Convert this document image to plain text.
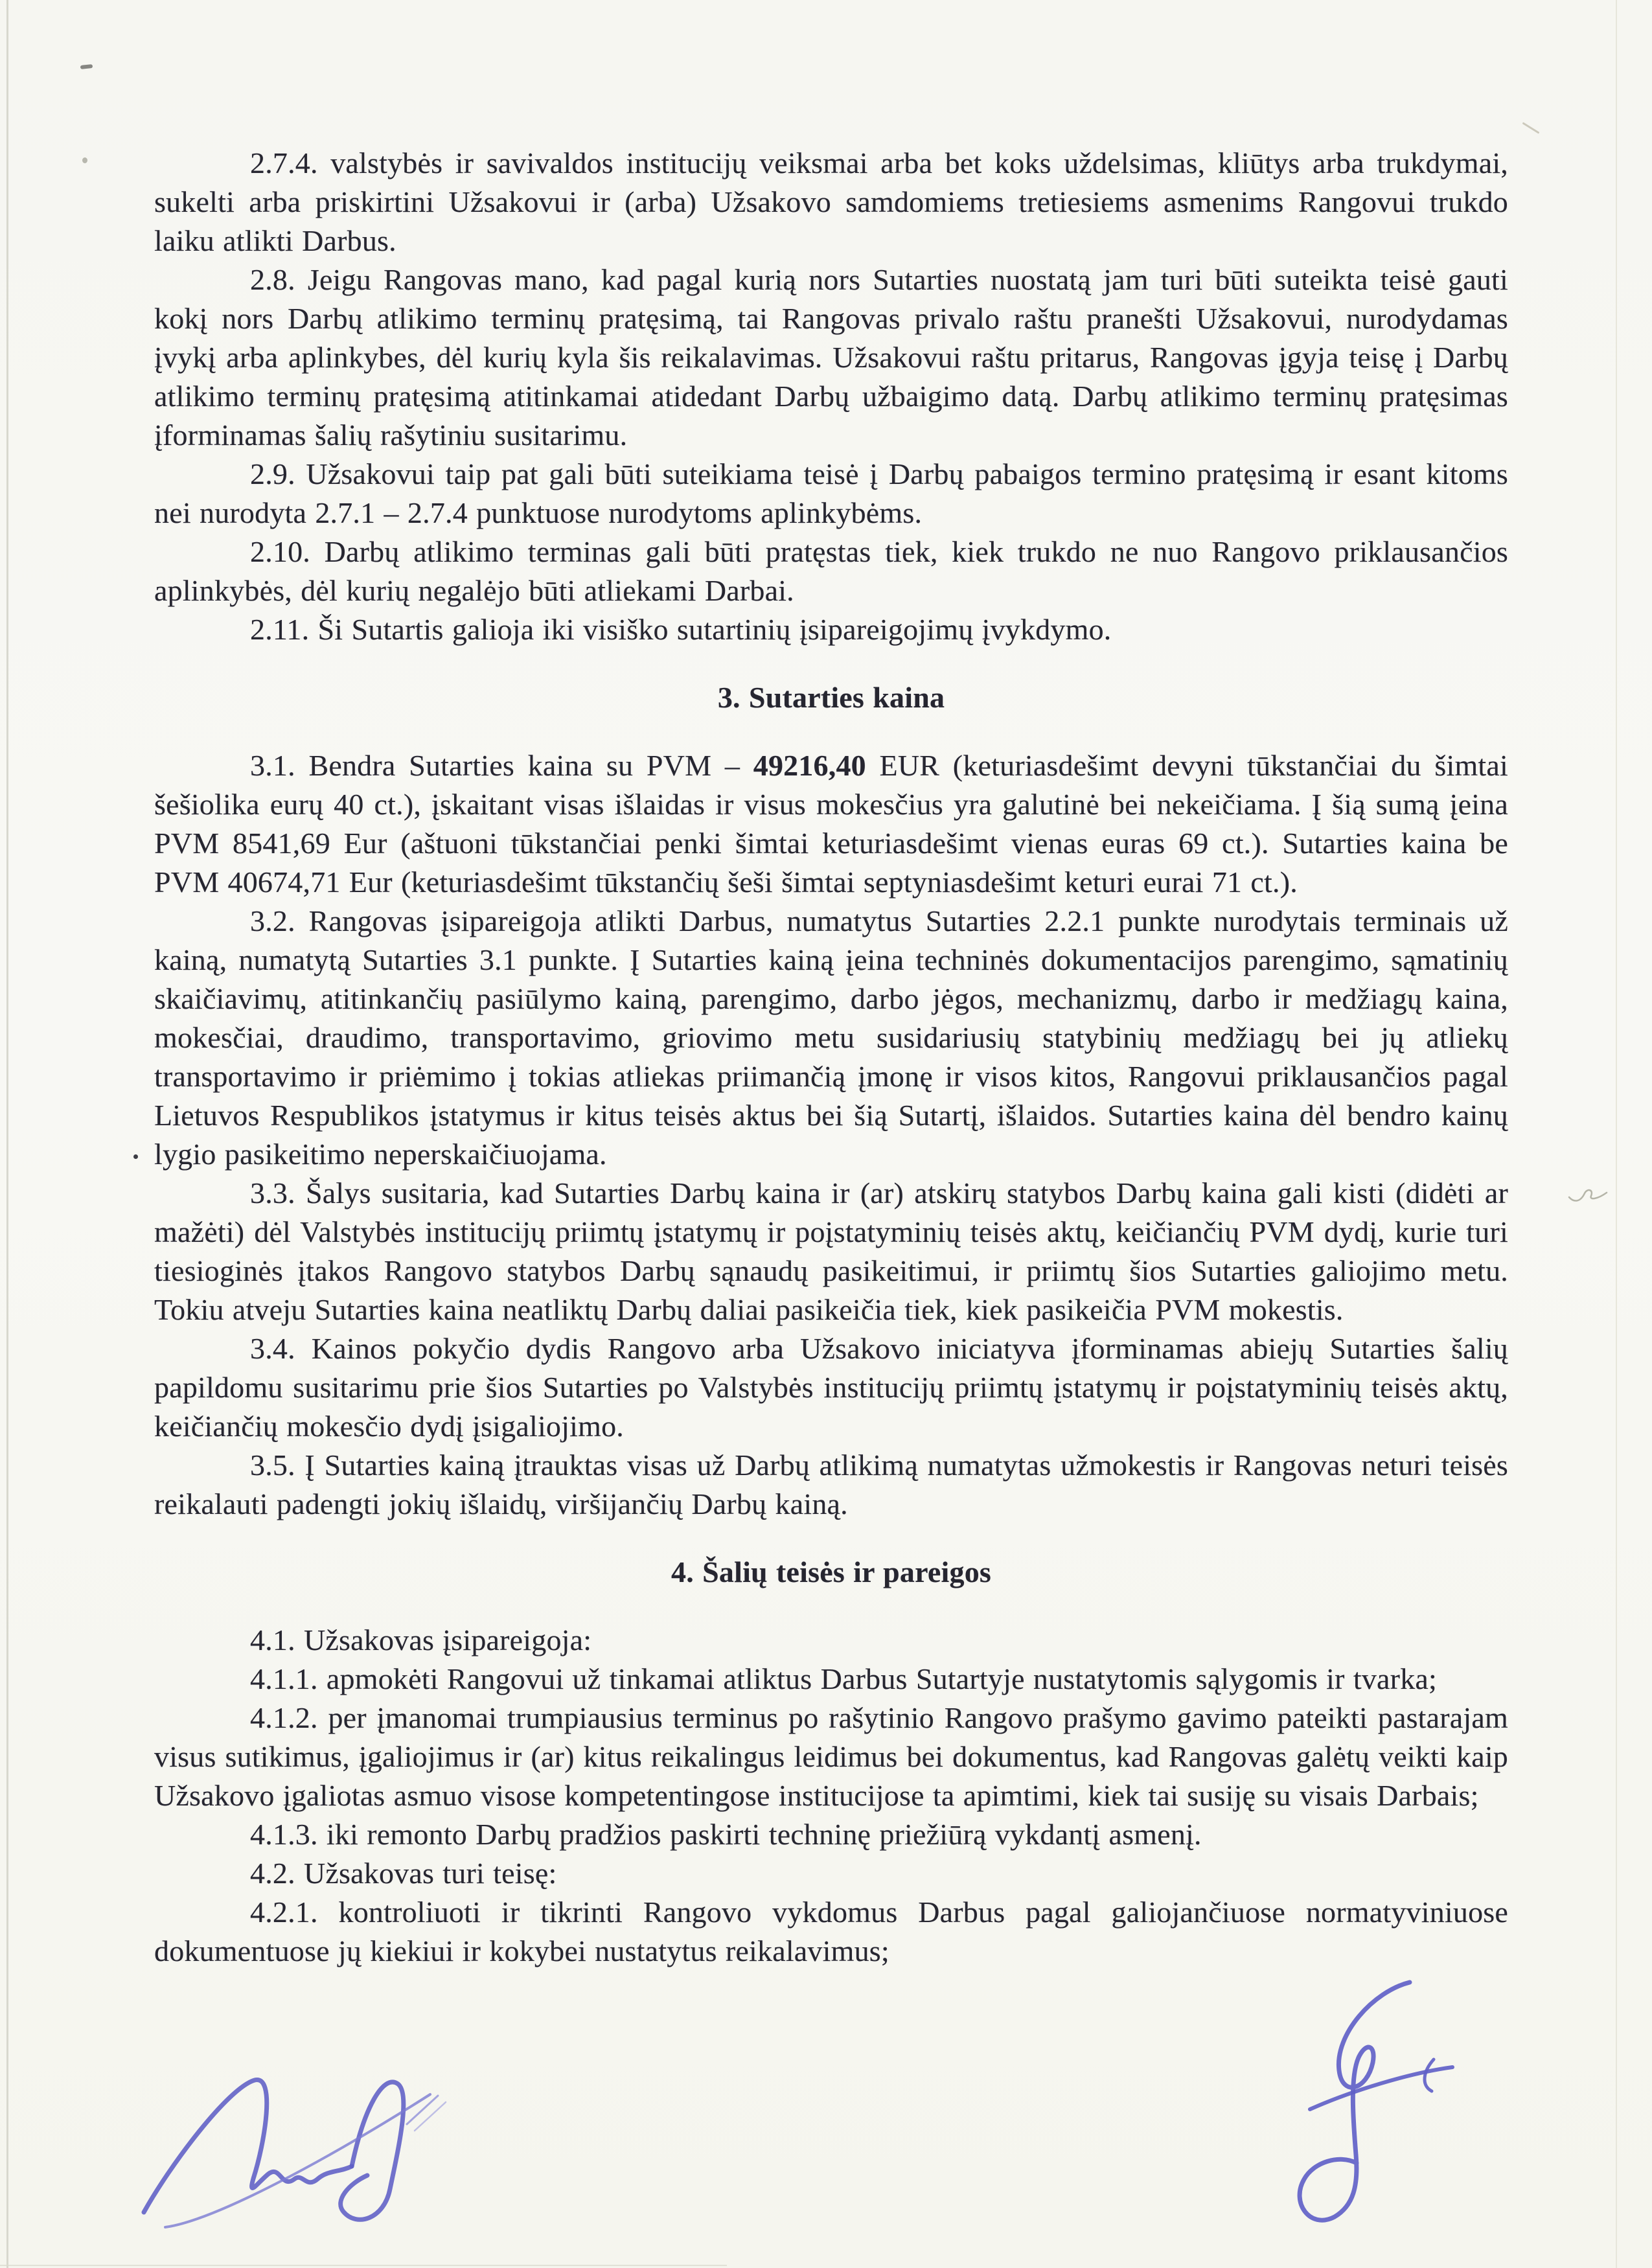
2.7.4. valstybės ir savivaldos institucijų veiksmai arba bet koks uždelsimas, kliūtys arba trukdymai, sukelti arba priskirtini Užsakovui ir (arba) Užsakovo samdomiems tretiesiems asmenims Rangovui trukdo laiku atlikti Darbus.

2.8. Jeigu Rangovas mano, kad pagal kurią nors Sutarties nuostatą jam turi būti suteikta teisė gauti kokį nors Darbų atlikimo terminų pratęsimą, tai Rangovas privalo raštu pranešti Užsakovui, nurodydamas įvykį arba aplinkybes, dėl kurių kyla šis reikalavimas. Užsakovui raštu pritarus, Rangovas įgyja teisę į Darbų atlikimo terminų pratęsimą atitinkamai atidedant Darbų užbaigimo datą. Darbų atlikimo terminų pratęsimas įforminamas šalių rašytiniu susitarimu.

2.9. Užsakovui taip pat gali būti suteikiama teisė į Darbų pabaigos termino pratęsimą ir esant kitoms nei nurodyta 2.7.1 – 2.7.4 punktuose nurodytoms aplinkybėms.

2.10. Darbų atlikimo terminas gali būti pratęstas tiek, kiek trukdo ne nuo Rangovo priklausančios aplinkybės, dėl kurių negalėjo būti atliekami Darbai.

2.11. Ši Sutartis galioja iki visiško sutartinių įsipareigojimų įvykdymo.

3. Sutarties kaina

3.1. Bendra Sutarties kaina su PVM – 49216,40 EUR (keturiasdešimt devyni tūkstančiai du šimtai šešiolika eurų 40 ct.), įskaitant visas išlaidas ir visus mokesčius yra galutinė bei nekeičiama. Į šią sumą įeina PVM 8541,69 Eur (aštuoni tūkstančiai penki šimtai keturiasdešimt vienas euras 69 ct.). Sutarties kaina be PVM 40674,71 Eur (keturiasdešimt tūkstančių šeši šimtai septyniasdešimt keturi eurai 71 ct.).

3.2. Rangovas įsipareigoja atlikti Darbus, numatytus Sutarties 2.2.1 punkte nurodytais terminais už kainą, numatytą Sutarties 3.1 punkte. Į Sutarties kainą įeina techninės dokumentacijos parengimo, sąmatinių skaičiavimų, atitinkančių pasiūlymo kainą, parengimo, darbo jėgos, mechanizmų, darbo ir medžiagų kaina, mokesčiai, draudimo, transportavimo, griovimo metu susidariusių statybinių medžiagų bei jų atliekų transportavimo ir priėmimo į tokias atliekas priimančią įmonę ir visos kitos, Rangovui priklausančios pagal Lietuvos Respublikos įstatymus ir kitus teisės aktus bei šią Sutartį, išlaidos. Sutarties kaina dėl bendro kainų lygio pasikeitimo neperskaičiuojama.

3.3. Šalys susitaria, kad Sutarties Darbų kaina ir (ar) atskirų statybos Darbų kaina gali kisti (didėti ar mažėti) dėl Valstybės institucijų priimtų įstatymų ir poįstatyminių teisės aktų, keičiančių PVM dydį, kurie turi tiesioginės įtakos Rangovo statybos Darbų sąnaudų pasikeitimui, ir priimtų šios Sutarties galiojimo metu. Tokiu atveju Sutarties kaina neatliktų Darbų daliai pasikeičia tiek, kiek pasikeičia PVM mokestis.

3.4. Kainos pokyčio dydis Rangovo arba Užsakovo iniciatyva įforminamas abiejų Sutarties šalių papildomu susitarimu prie šios Sutarties po Valstybės institucijų priimtų įstatymų ir poįstatyminių teisės aktų, keičiančių mokesčio dydį įsigaliojimo.

3.5. Į Sutarties kainą įtrauktas visas už Darbų atlikimą numatytas užmokestis ir Rangovas neturi teisės reikalauti padengti jokių išlaidų, viršijančių Darbų kainą.

4. Šalių teisės ir pareigos

4.1. Užsakovas įsipareigoja:

4.1.1. apmokėti Rangovui už tinkamai atliktus Darbus Sutartyje nustatytomis sąlygomis ir tvarka;

4.1.2. per įmanomai trumpiausius terminus po rašytinio Rangovo prašymo gavimo pateikti pastarajam visus sutikimus, įgaliojimus ir (ar) kitus reikalingus leidimus bei dokumentus, kad Rangovas galėtų veikti kaip Užsakovo įgaliotas asmuo visose kompetentingose institucijose ta apimtimi, kiek tai susiję su visais Darbais;

4.1.3. iki remonto Darbų pradžios paskirti techninę priežiūrą vykdantį asmenį.

4.2. Užsakovas turi teisę:

4.2.1. kontroliuoti ir tikrinti Rangovo vykdomus Darbus pagal galiojančiuose normatyviniuose dokumentuose jų kiekiui ir kokybei nustatytus reikalavimus;
